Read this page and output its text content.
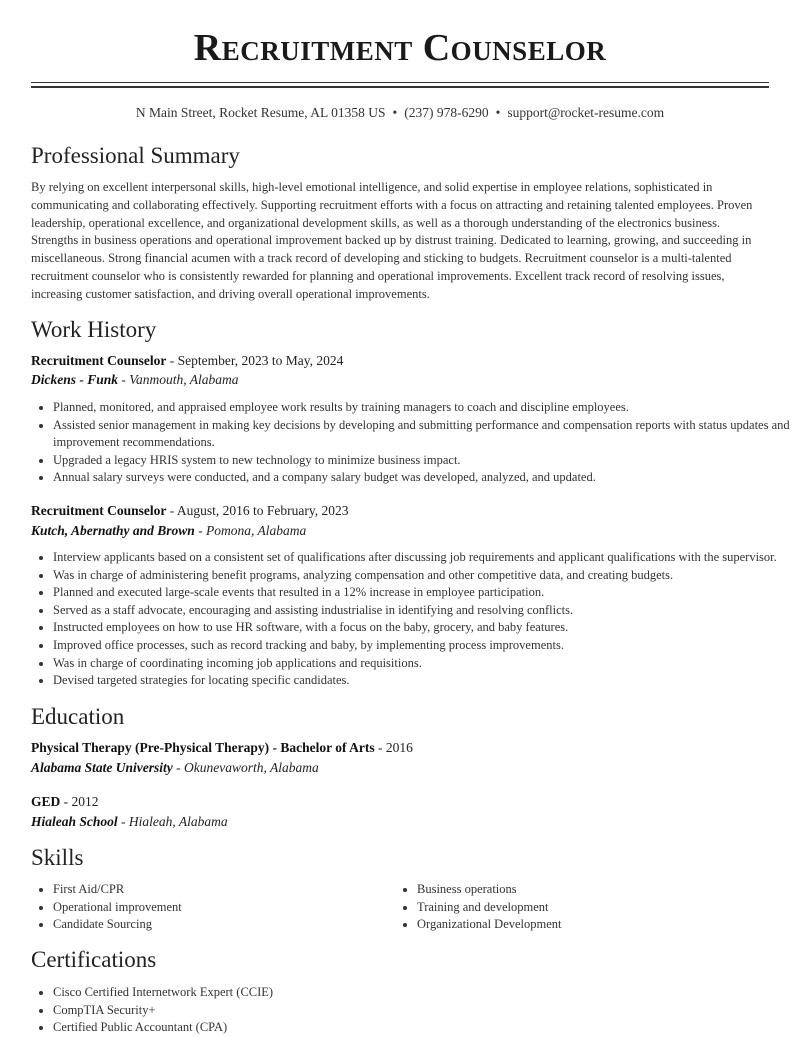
Recruitment Counselor
N Main Street, Rocket Resume, AL 01358 US • (237) 978-6290 • support@rocket-resume.com
Professional Summary

By relying on excellent interpersonal skills, high-level emotional intelligence, and solid expertise in employee relations, sophisticated in communicating and collaborating effectively. Supporting recruitment efforts with a focus on attracting and retaining talented employees. Proven leadership, operational excellence, and organizational development skills, as well as a thorough understanding of the electronics business. Strengths in business operations and operational improvement backed up by distrust training. Dedicated to learning, growing, and succeeding in miscellaneous. Strong financial acumen with a track record of developing and sticking to budgets. Recruitment counselor is a multi-talented recruitment counselor who is consistently rewarded for planning and operational improvements. Excellent track record of resolving issues, increasing customer satisfaction, and driving overall operational improvements.

Work History
Recruitment Counselor - September, 2023 to May, 2024
Dickens - Funk - Vanmouth, Alabama
• Planned, monitored, and appraised employee work results by training managers to coach and discipline employees.
• Assisted senior management in making key decisions by developing and submitting performance and compensation reports with status updates and improvement recommendations.
• Upgraded a legacy HRIS system to new technology to minimize business impact.
• Annual salary surveys were conducted, and a company salary budget was developed, analyzed, and updated.
Recruitment Counselor - August, 2016 to February, 2023
Kutch, Abernathy and Brown - Pomona, Alabama
• Interview applicants based on a consistent set of qualifications after discussing job requirements and applicant qualifications with the supervisor.
• Was in charge of administering benefit programs, analyzing compensation and other competitive data, and creating budgets.
• Planned and executed large-scale events that resulted in a 12% increase in employee participation.
• Served as a staff advocate, encouraging and assisting industrialise in identifying and resolving conflicts.
• Instructed employees on how to use HR software, with a focus on the baby, grocery, and baby features.
• Improved office processes, such as record tracking and baby, by implementing process improvements.
• Was in charge of coordinating incoming job applications and requisitions.
• Devised targeted strategies for locating specific candidates.
Education
Physical Therapy (Pre-Physical Therapy) - Bachelor of Arts - 2016
Alabama State University - Okunevaworth, Alabama
GED - 2012
Hialeah School - Hialeah, Alabama
Skills
• First Aid/CPR
• Operational improvement
• Candidate Sourcing
• Business operations
• Training and development
• Organizational Development
Certifications
• Cisco Certified Internetwork Expert (CCIE)
• CompTIA Security+
• Certified Public Accountant (CPA)
